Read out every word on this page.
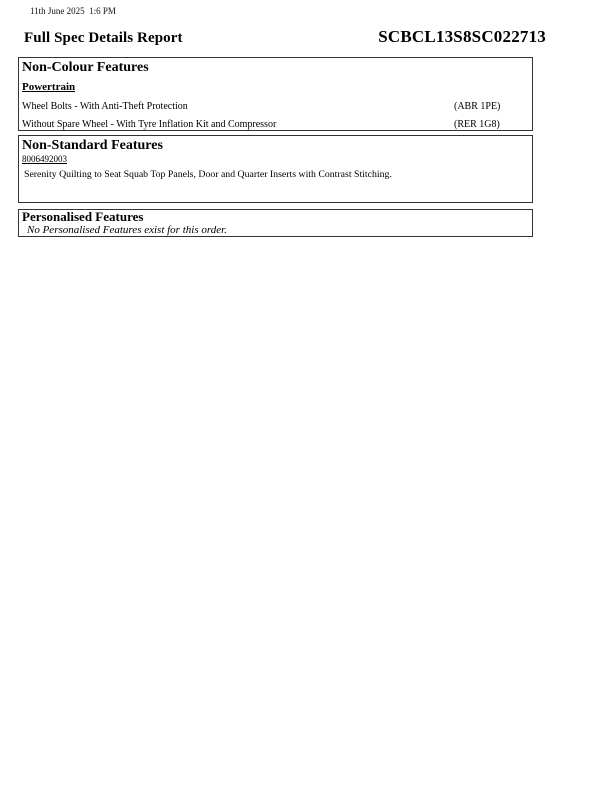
11th June 2025  1:6 PM
Full Spec Details Report	SCBCL13S8SC022713
Non-Colour Features
Powertrain
Wheel Bolts - With Anti-Theft Protection	(ABR 1PE)
Without Spare Wheel - With Tyre Inflation Kit and Compressor	(RER 1G8)
Non-Standard Features
8006492003
Serenity Quilting to Seat Squab Top Panels, Door and Quarter Inserts with Contrast Stitching.
Personalised Features
No Personalised Features exist for this order.
